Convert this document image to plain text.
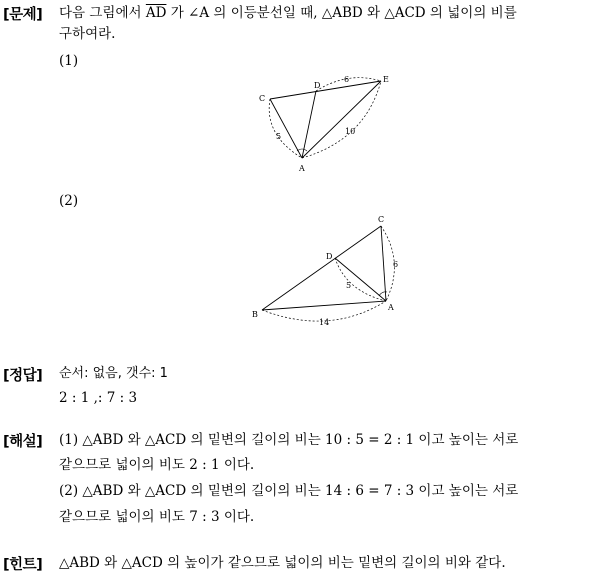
[문제] 다음 그림에서 $\overline{AD}$ 가 ∠A 의 이등분선일 때, △ABD 와 △ACD 의 넓이의 비를
구하여라.
(1)
(2)
C
D
E
A
6
5
10
C
D
B
A
6
5
14
[정답] 순서: 없음, 갯수: 1
2 : 1 ,: 7 : 3
[해설] (1) △ABD 와 △ACD 의 밑변의 길이의 비는 10 : 5 = 2 : 1 이고 높이는 서로
같으므로 넓이의 비도 2 : 1 이다.
(2) △ABD 와 △ACD 의 밑변의 길이의 비는 14 : 6 = 7 : 3 이고 높이는 서로
같으므로 넓이의 비도 7 : 3 이다.
[힌트] △ABD 와 △ACD 의 높이가 같으므로 넓이의 비는 밑변의 길이의 비와 같다.
